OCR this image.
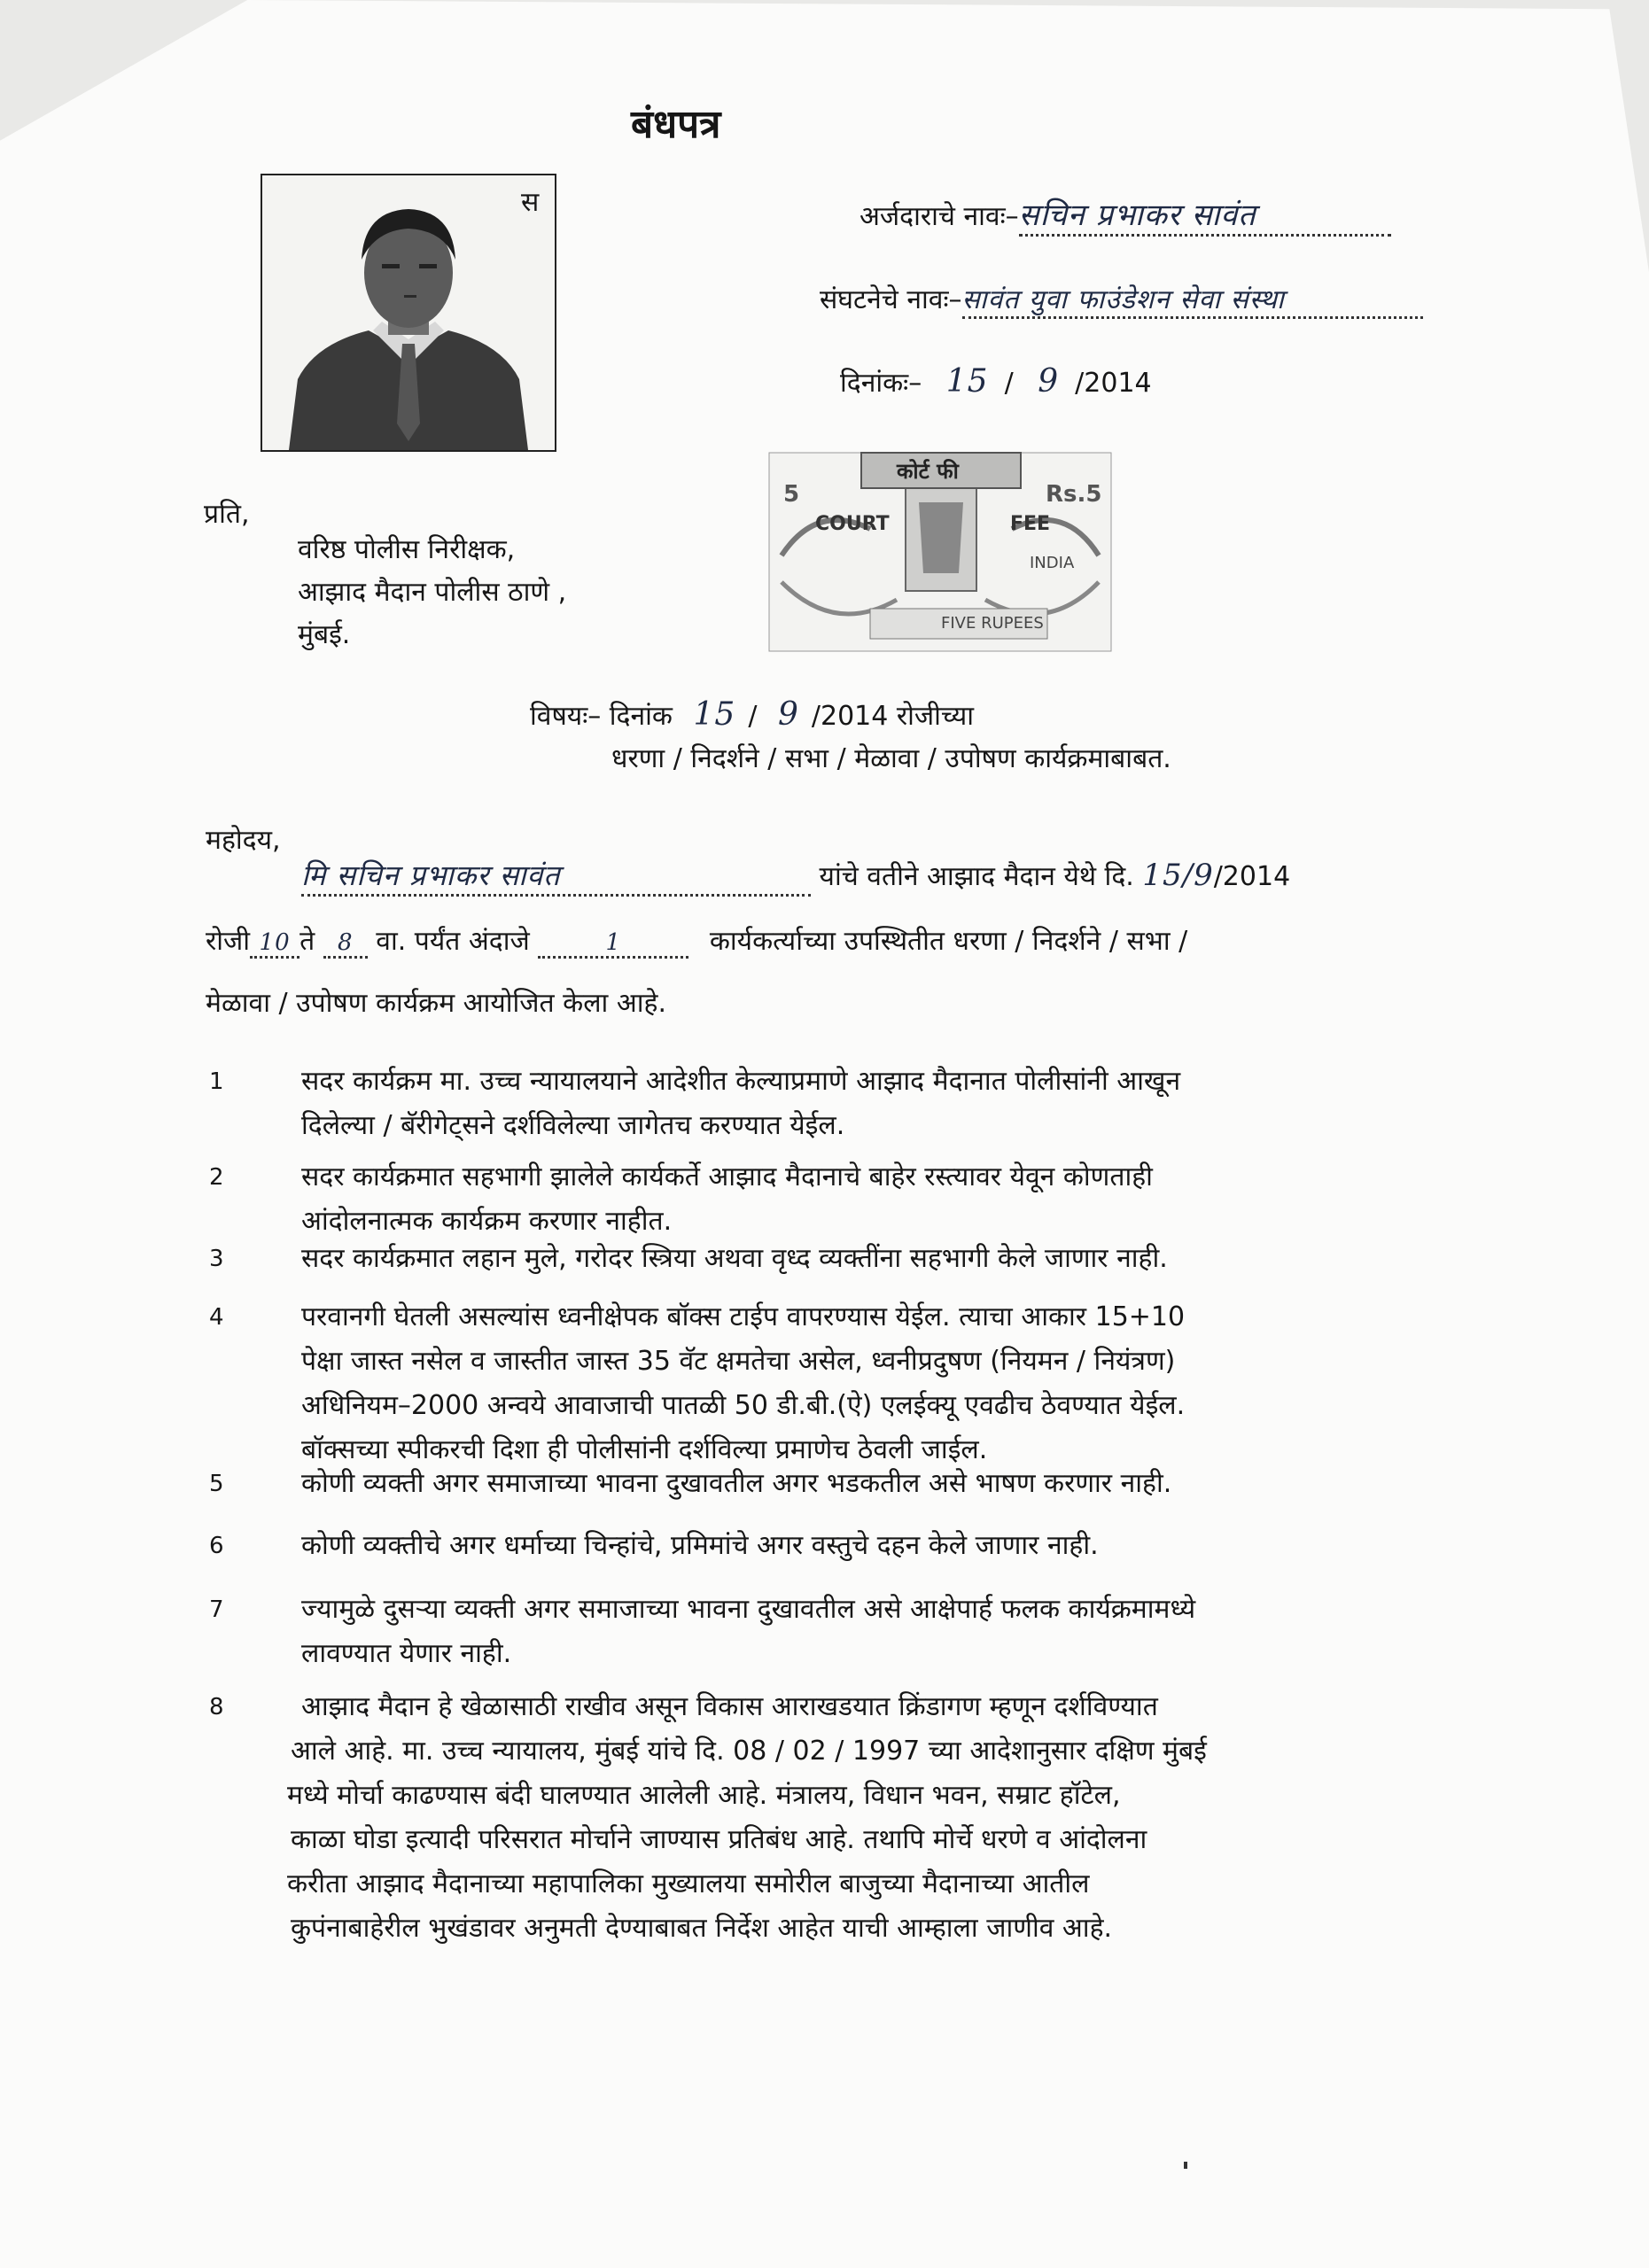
बंधपत्र
स	अर्जदाराचे नावः–सचिन प्रभाकर सावंत
संघटनेचे नावः–सावंत युवा फाउंडेशन सेवा संस्था
दिनांकः– 15 / 9 /2014
कोर्ट फी
5	Rs.5
COURT	FEE
INDIA
FIVE RUPEES
प्रति,
वरिष्ठ पोलीस निरीक्षक,
आझाद मैदान पोलीस ठाणे ,
मुंबई.
विषयः– दिनांक 15 / 9 /2014 रोजीच्या
धरणा / निदर्शने / सभा / मेळावा / उपोषण कार्यक्रमाबाबत.
महोदय,
मि सचिन प्रभाकर सावंत	यांचे वतीने आझाद मैदान येथे दि. 15/9/2014
रोजी 10 ते 8 वा. पर्यंत अंदाजे	1	कार्यकर्त्याच्या उपस्थितीत धरणा / निदर्शने / सभा /
मेळावा / उपोषण कार्यक्रम आयोजित केला आहे.
1	सदर कार्यक्रम मा. उच्च न्यायालयाने आदेशीत केल्याप्रमाणे आझाद मैदानात पोलीसांनी आखून
दिलेल्या / बॅरीगेट्सने दर्शविलेल्या जागेतच करण्यात येईल.
2	सदर कार्यक्रमात सहभागी झालेले कार्यकर्ते आझाद मैदानाचे बाहेर रस्त्यावर येवून कोणताही
आंदोलनात्मक कार्यक्रम करणार नाहीत.
3	सदर कार्यक्रमात लहान मुले, गरोदर स्त्रिया अथवा वृध्द व्यक्तींना सहभागी केले जाणार नाही.
4	परवानगी घेतली असल्यांस ध्वनीक्षेपक बॉक्स टाईप वापरण्यास येईल. त्याचा आकार 15+10
पेक्षा जास्त नसेल व जास्तीत जास्त 35 वॅट क्षमतेचा असेल, ध्वनीप्रदुषण (नियमन / नियंत्रण)
अधिनियम–2000 अन्वये आवाजाची पातळी 50 डी.बी.(ऐ) एलईक्यू एवढीच ठेवण्यात येईल.
बॉक्सच्या स्पीकरची दिशा ही पोलीसांनी दर्शविल्या प्रमाणेच ठेवली जाईल.
5	कोणी व्यक्ती अगर समाजाच्या भावना दुखावतील अगर भडकतील असे भाषण करणार नाही.
6	कोणी व्यक्तीचे अगर धर्माच्या चिन्हांचे, प्रमिमांचे अगर वस्तुचे दहन केले जाणार नाही.
7	ज्यामुळे दुसऱ्या व्यक्ती अगर समाजाच्या भावना दुखावतील असे आक्षेपार्ह फलक कार्यक्रमामध्ये
लावण्यात येणार नाही.
8	आझाद मैदान हे खेळासाठी राखीव असून विकास आराखडयात क्रिंडागण म्हणून दर्शविण्यात
आले आहे. मा. उच्च न्यायालय, मुंबई यांचे दि. 08 / 02 / 1997 च्या आदेशानुसार दक्षिण मुंबई
मध्ये मोर्चा काढण्यास बंदी घालण्यात आलेली आहे. मंत्रालय, विधान भवन, सम्राट हॉटेल,
काळा घोडा इत्यादी परिसरात मोर्चाने जाण्यास प्रतिबंध आहे. तथापि मोर्चे धरणे व आंदोलना
करीता आझाद मैदानाच्या महापालिका मुख्यालया समोरील बाजुच्या मैदानाच्या आतील
कुपंनाबाहेरील भुखंडावर अनुमती देण्याबाबत निर्देश आहेत याची आम्हाला जाणीव आहे.
